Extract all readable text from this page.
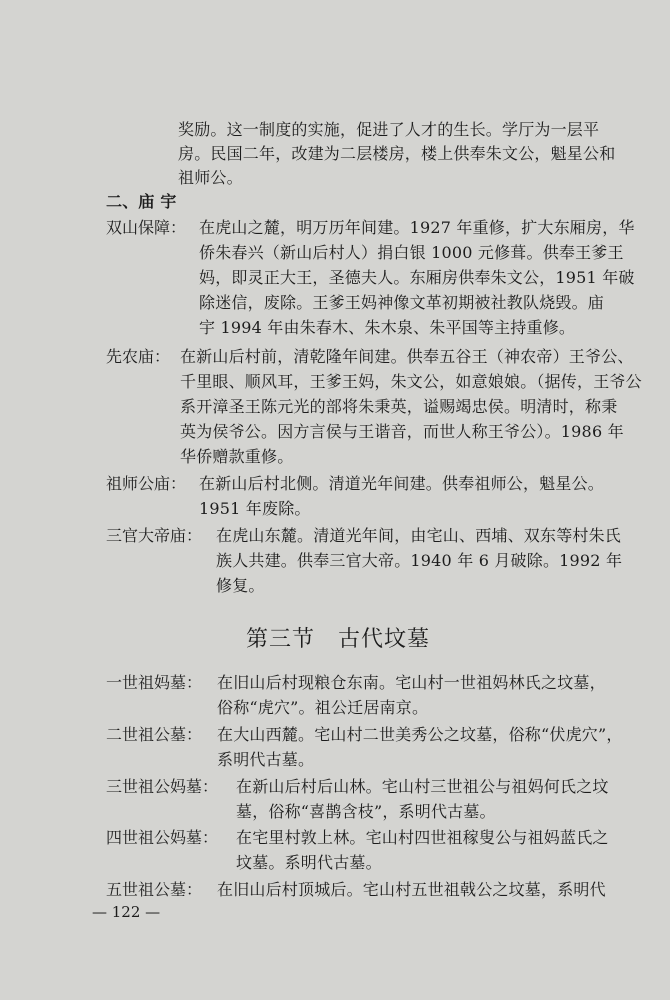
奖励。这一制度的实施，促进了人才的生长。学厅为一层平
房。民国二年，改建为二层楼房，楼上供奉朱文公，魁星公和
祖师公。
二、庙 宇
双山保障： 在虎山之麓，明万历年间建。1927 年重修，扩大东厢房，华
侨朱春兴（新山后村人）捐白银 1000 元修葺。供奉王爹王
妈，即灵正大王，圣德夫人。东厢房供奉朱文公，1951 年破
除迷信，废除。王爹王妈神像文革初期被社教队烧毁。庙
宇 1994 年由朱春木、朱木泉、朱平国等主持重修。
先农庙： 在新山后村前，清乾隆年间建。供奉五谷王（神农帝）王爷公、
千里眼、顺风耳，王爹王妈，朱文公，如意娘娘。（据传，王爷公
系开漳圣王陈元光的部将朱秉英，谥赐竭忠侯。明清时，称秉
英为侯爷公。因方言侯与王谐音，而世人称王爷公）。1986 年
华侨赠款重修。
祖师公庙： 在新山后村北侧。清道光年间建。供奉祖师公，魁星公。
1951 年废除。
三官大帝庙： 在虎山东麓。清道光年间，由宅山、西埔、双东等村朱氏
族人共建。供奉三官大帝。1940 年 6 月破除。1992 年
修复。
第三节　古代坟墓
一世祖妈墓： 在旧山后村现粮仓东南。宅山村一世祖妈林氏之坟墓，
俗称“虎穴”。祖公迁居南京。
二世祖公墓： 在大山西麓。宅山村二世美秀公之坟墓，俗称“伏虎穴”，
系明代古墓。
三世祖公妈墓： 在新山后村后山林。宅山村三世祖公与祖妈何氏之坟
墓，俗称“喜鹊含枝”，系明代古墓。
四世祖公妈墓： 在宅里村敦上林。宅山村四世祖稼叟公与祖妈蓝氏之
坟墓。系明代古墓。
五世祖公墓： 在旧山后村顶城后。宅山村五世祖戟公之坟墓，系明代
— 122 —
